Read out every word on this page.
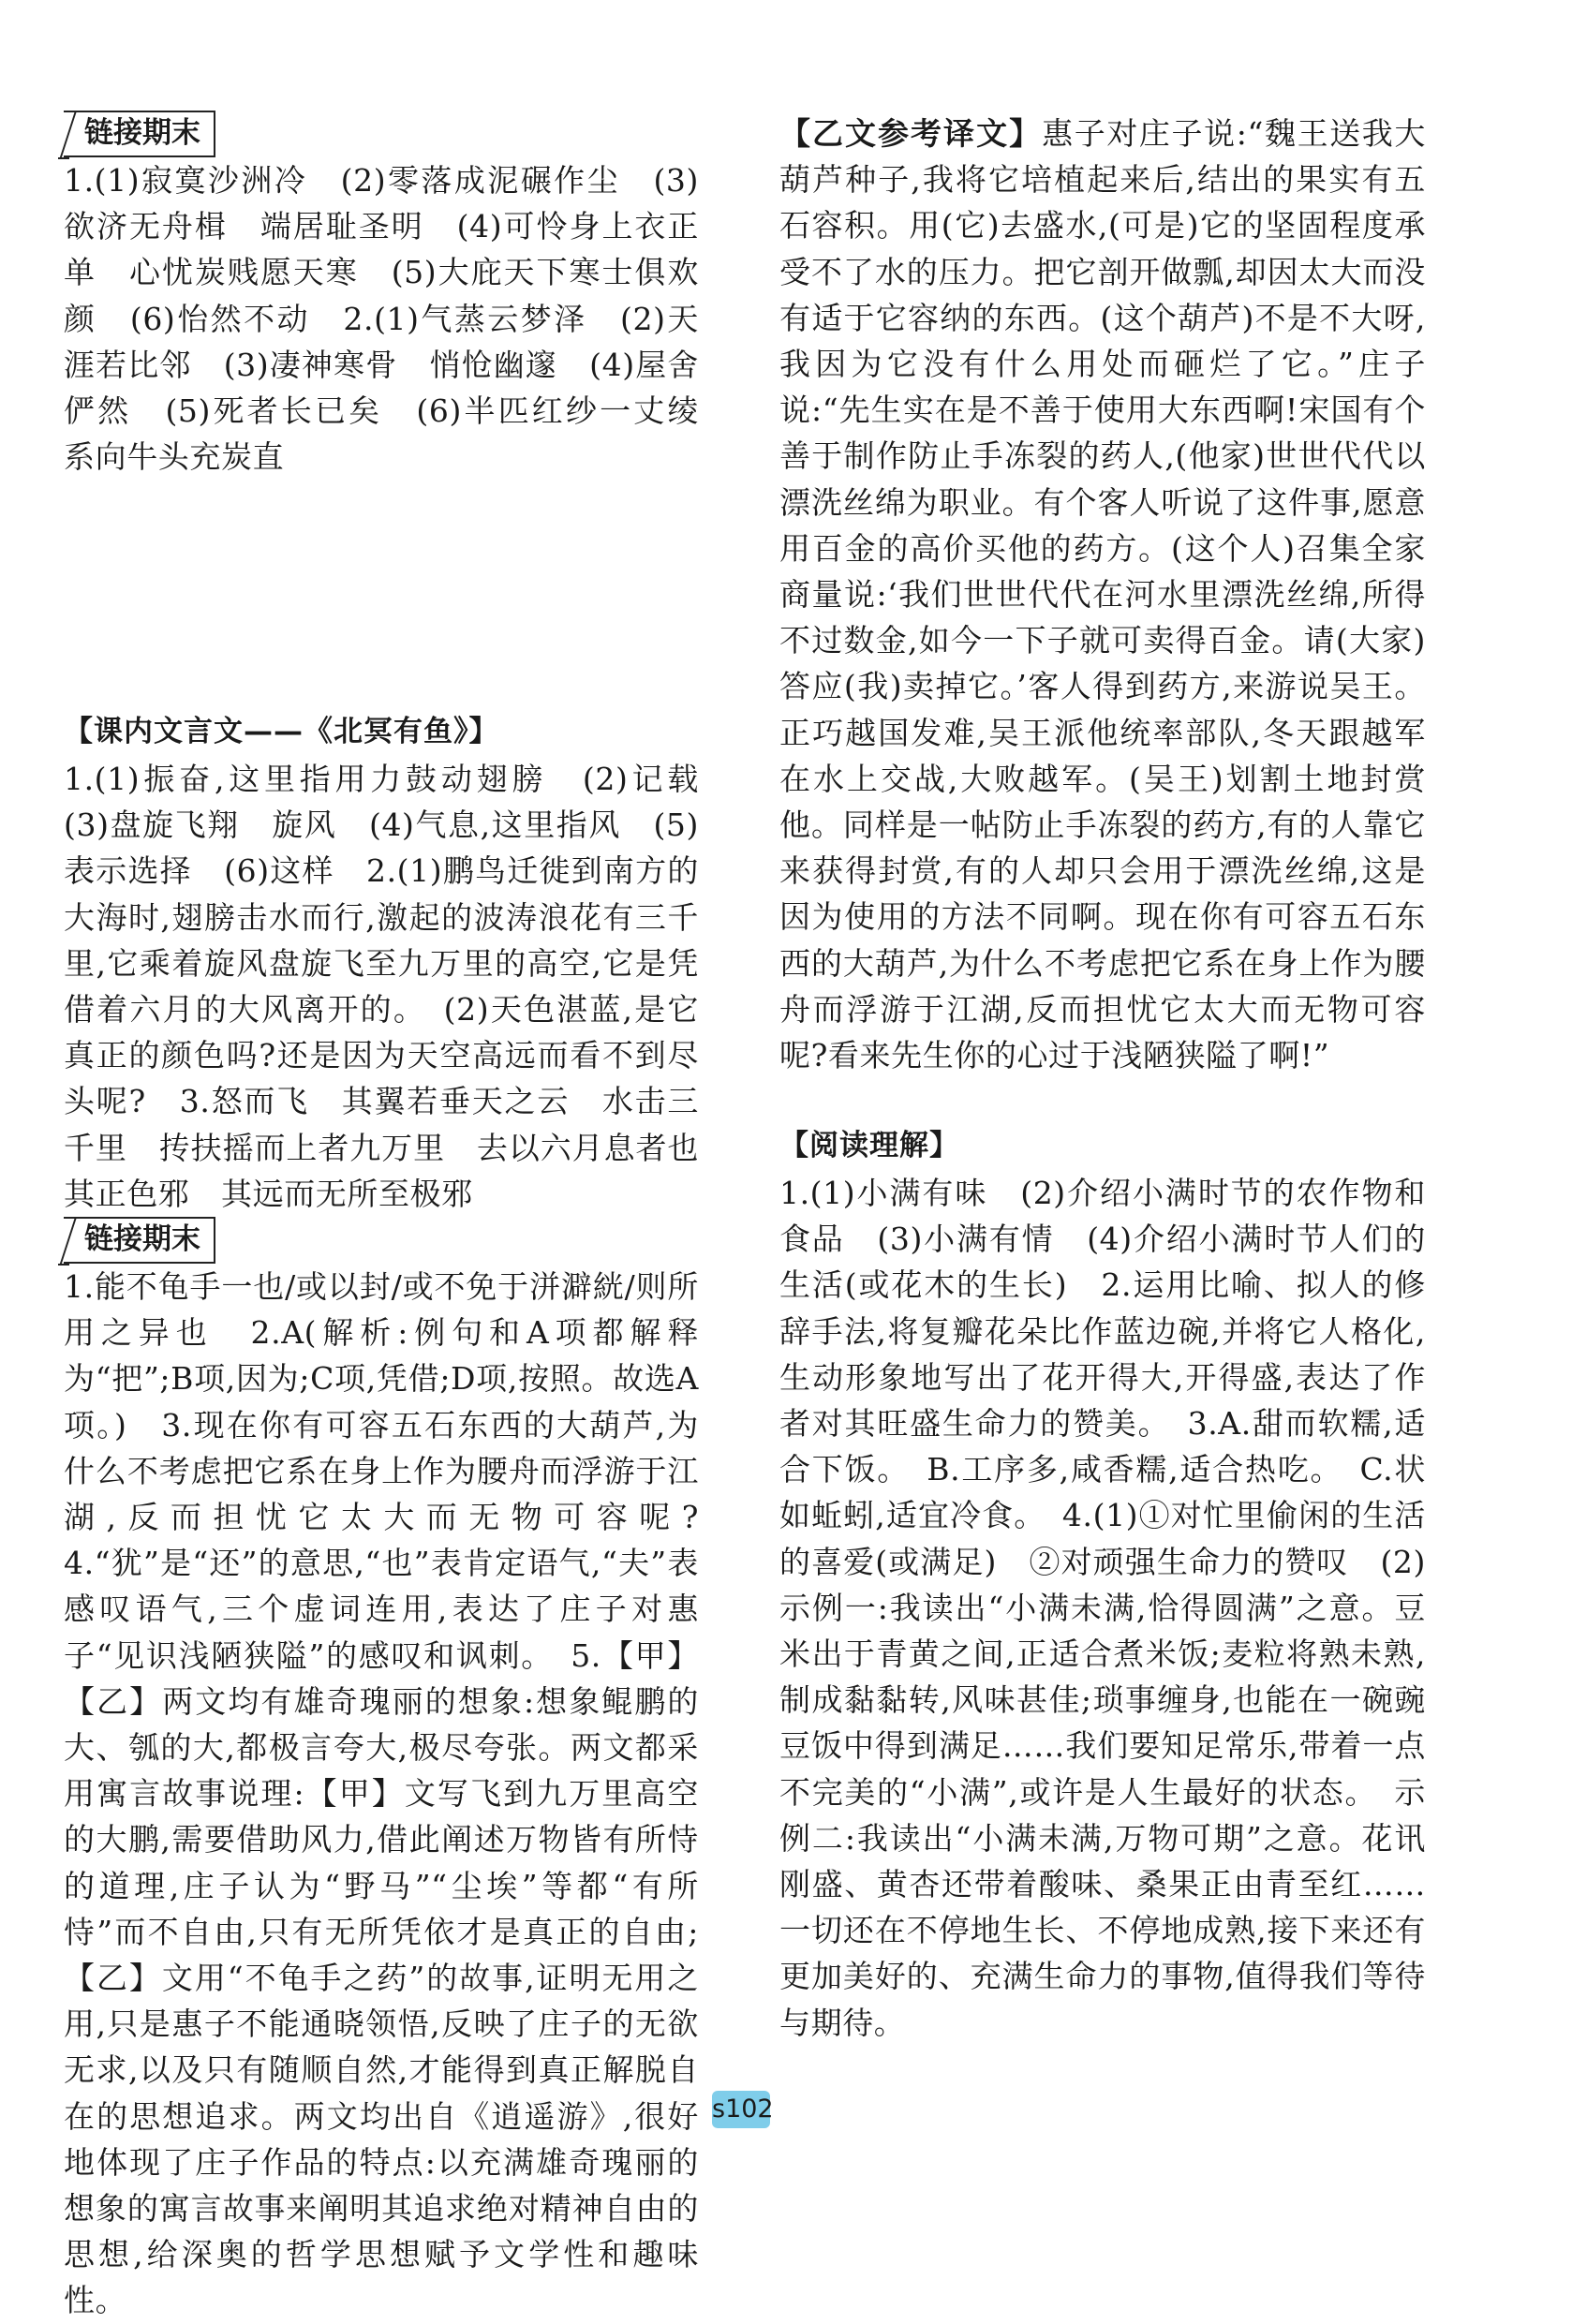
链接期末

1.(1)寂寞沙洲冷　(2)零落成泥碾作尘　(3)欲济无舟楫　端居耻圣明　(4)可怜身上衣正单　心忧炭贱愿天寒　(5)大庇天下寒士俱欢颜　(6)怡然不动　2.(1)气蒸云梦泽　(2)天涯若比邻　(3)凄神寒骨　悄怆幽邃　(4)屋舍俨然　(5)死者长已矣　(6)半匹红纱一丈绫　系向牛头充炭直

【课内文言文——《北冥有鱼》】

1.(1)振奋,这里指用力鼓动翅膀　(2)记载　(3)盘旋飞翔　旋风　(4)气息,这里指风　(5)表示选择　(6)这样　2.(1)鹏鸟迁徙到南方的大海时,翅膀击水而行,激起的波涛浪花有三千里,它乘着旋风盘旋飞至九万里的高空,它是凭借着六月的大风离开的。　(2)天色湛蓝,是它真正的颜色吗?还是因为天空高远而看不到尽头呢?　3.怒而飞　其翼若垂天之云　水击三千里　抟扶摇而上者九万里　去以六月息者也　其正色邪　其远而无所至极邪

链接期末

1.能不龟手一也/或以封/或不免于洴澼絖/则所用之异也　2.A(解析:例句和A项都解释为“把”;B项,因为;C项,凭借;D项,按照。故选A项。)　3.现在你有可容五石东西的大葫芦,为什么不考虑把它系在身上作为腰舟而浮游于江湖,反而担忧它太大而无物可容呢?　4.“犹”是“还”的意思,“也”表肯定语气,“夫”表感叹语气,三个虚词连用,表达了庄子对惠子“见识浅陋狭隘”的感叹和讽刺。　5.【甲】【乙】两文均有雄奇瑰丽的想象:想象鲲鹏的大、瓠的大,都极言夸大,极尽夸张。两文都采用寓言故事说理:【甲】文写飞到九万里高空的大鹏,需要借助风力,借此阐述万物皆有所恃的道理,庄子认为“野马”“尘埃”等都“有所恃”而不自由,只有无所凭依才是真正的自由;【乙】文用“不龟手之药”的故事,证明无用之用,只是惠子不能通晓领悟,反映了庄子的无欲无求,以及只有随顺自然,才能得到真正解脱自在的思想追求。两文均出自《逍遥游》,很好地体现了庄子作品的特点:以充满雄奇瑰丽的想象的寓言故事来阐明其追求绝对精神自由的思想,给深奥的哲学思想赋予文学性和趣味性。

【乙文参考译文】惠子对庄子说:“魏王送我大葫芦种子,我将它培植起来后,结出的果实有五石容积。用(它)去盛水,(可是)它的坚固程度承受不了水的压力。把它剖开做瓢,却因太大而没有适于它容纳的东西。(这个葫芦)不是不大呀,我因为它没有什么用处而砸烂了它。”庄子说:“先生实在是不善于使用大东西啊!宋国有个善于制作防止手冻裂的药人,(他家)世世代代以漂洗丝绵为职业。有个客人听说了这件事,愿意用百金的高价买他的药方。(这个人)召集全家商量说:‘我们世世代代在河水里漂洗丝绵,所得不过数金,如今一下子就可卖得百金。请(大家)答应(我)卖掉它。’客人得到药方,来游说吴王。正巧越国发难,吴王派他统率部队,冬天跟越军在水上交战,大败越军。(吴王)划割土地封赏他。同样是一帖防止手冻裂的药方,有的人靠它来获得封赏,有的人却只会用于漂洗丝绵,这是因为使用的方法不同啊。现在你有可容五石东西的大葫芦,为什么不考虑把它系在身上作为腰舟而浮游于江湖,反而担忧它太大而无物可容呢?看来先生你的心过于浅陋狭隘了啊!”

【阅读理解】

1.(1)小满有味　(2)介绍小满时节的农作物和食品　(3)小满有情　(4)介绍小满时节人们的生活(或花木的生长)　2.运用比喻、拟人的修辞手法,将复瓣花朵比作蓝边碗,并将它人格化,生动形象地写出了花开得大,开得盛,表达了作者对其旺盛生命力的赞美。　3.A.甜而软糯,适合下饭。　B.工序多,咸香糯,适合热吃。　C.状如蚯蚓,适宜冷食。　4.(1)①对忙里偷闲的生活的喜爱(或满足)　②对顽强生命力的赞叹　(2)示例一:我读出“小满未满,恰得圆满”之意。豆米出于青黄之间,正适合煮米饭;麦粒将熟未熟,制成黏黏转,风味甚佳;琐事缠身,也能在一碗豌豆饭中得到满足……我们要知足常乐,带着一点不完美的“小满”,或许是人生最好的状态。　示例二:我读出“小满未满,万物可期”之意。花讯刚盛、黄杏还带着酸味、桑果正由青至红……一切还在不停地生长、不停地成熟,接下来还有更加美好的、充满生命力的事物,值得我们等待与期待。

s102
